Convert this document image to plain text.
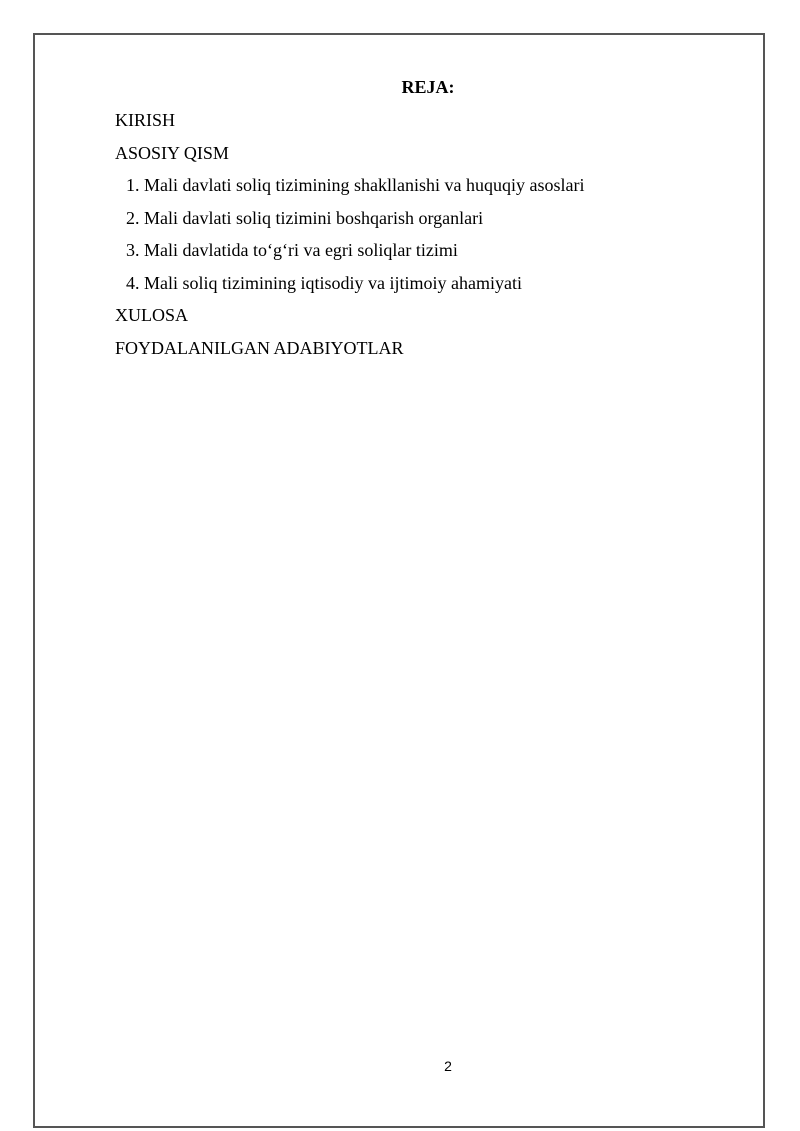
REJA:
KIRISH
ASOSIY QISM
1. Mali davlati soliq tizimining shakllanishi va huquqiy asoslari
2. Mali davlati soliq tizimini boshqarish organlari
3. Mali davlatida to‘g‘ri va egri soliqlar tizimi
4. Mali soliq tizimining iqtisodiy va ijtimoiy ahamiyati
XULOSA
FOYDALANILGAN ADABIYOTLAR
2
